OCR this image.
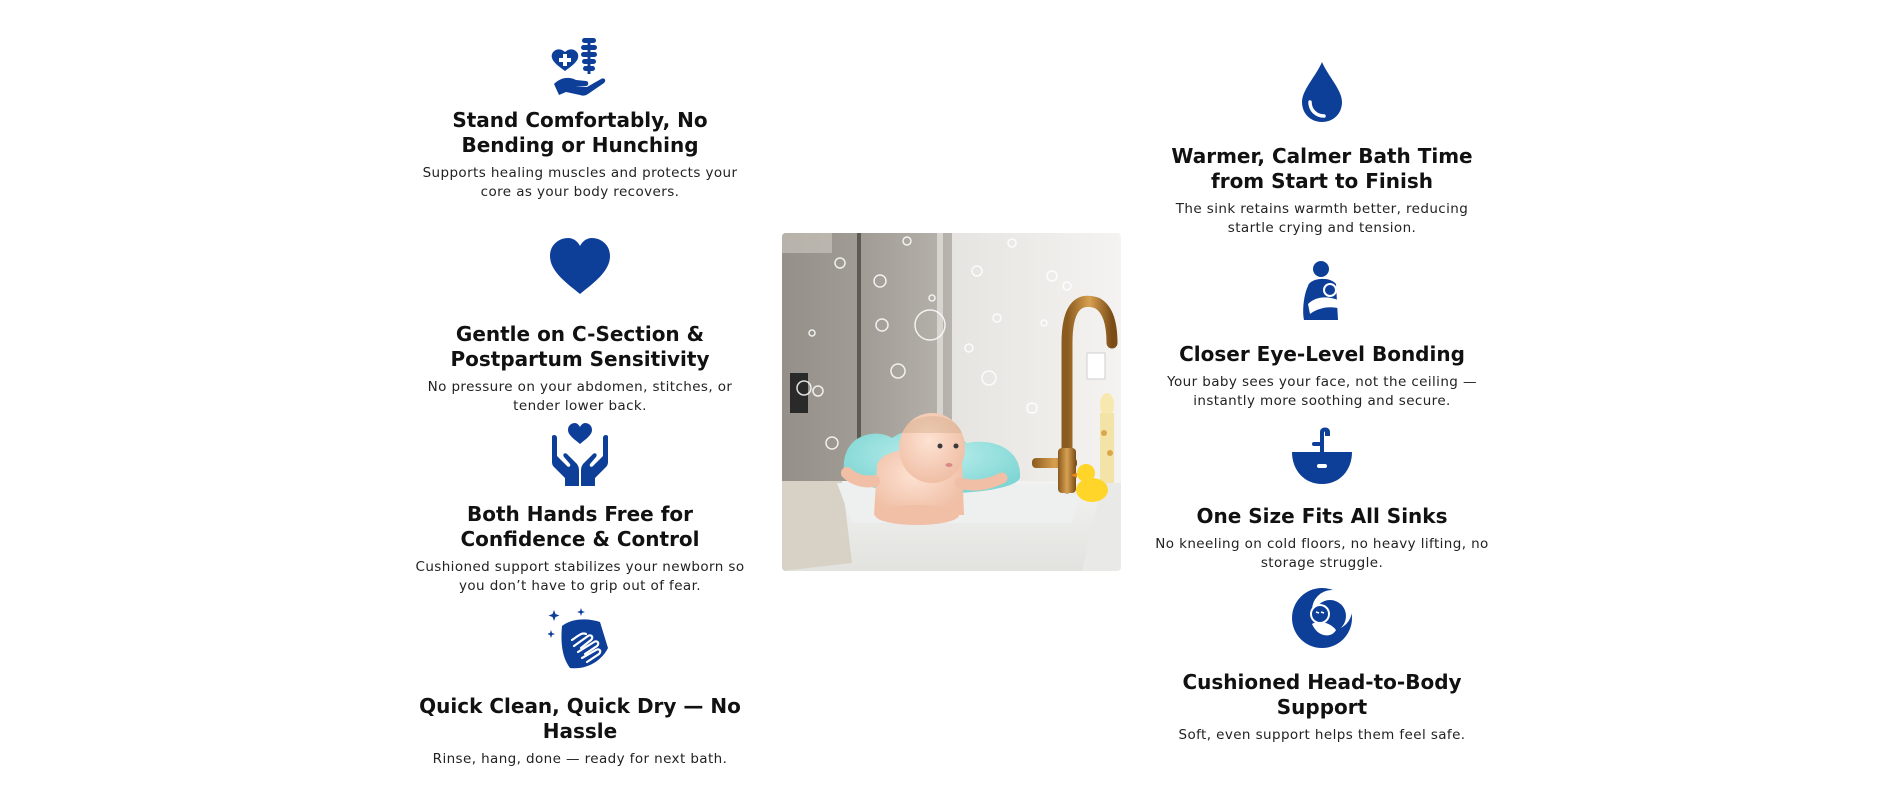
Stand Comfortably, No Bending or Hunching
Supports healing muscles and protects your core as your body recovers.
Gentle on C-Section & Postpartum Sensitivity
No pressure on your abdomen, stitches, or tender lower back.
Both Hands Free for Confidence & Control
Cushioned support stabilizes your newborn so you don’t have to grip out of fear.
Quick Clean, Quick Dry — No Hassle
Rinse, hang, done — ready for next bath.
Warmer, Calmer Bath Time from Start to Finish
The sink retains warmth better, reducing startle crying and tension.
Closer Eye-Level Bonding
Your baby sees your face, not the ceiling — instantly more soothing and secure.
One Size Fits All Sinks
No kneeling on cold floors, no heavy lifting, no storage struggle.
Cushioned Head-to-Body Support
Soft, even support helps them feel safe.
